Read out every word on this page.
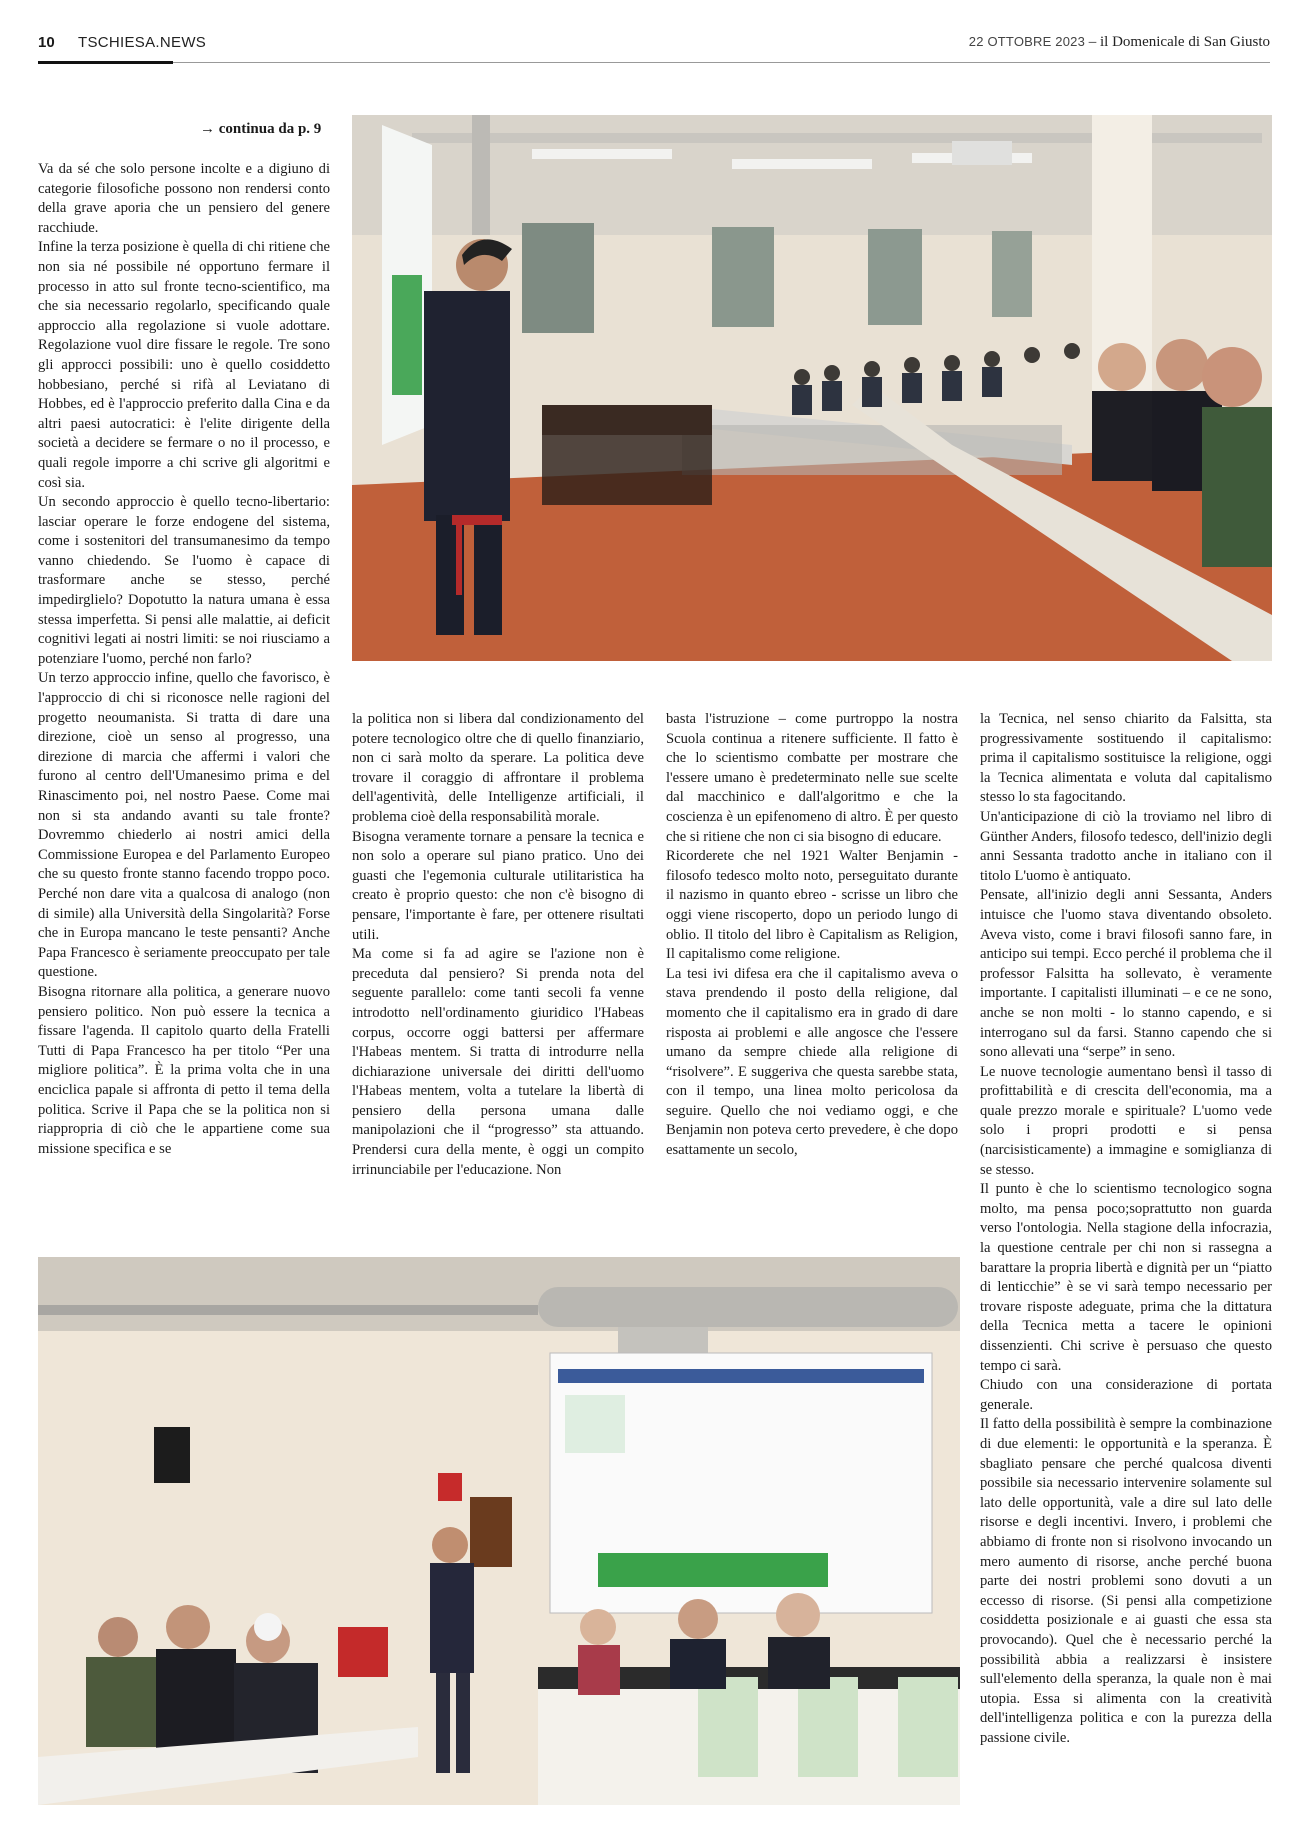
10 TSCHIESA.NEWS	22 OTTOBRE 2023 – il Domenicale di San Giusto
→ continua da p. 9

Va da sé che solo persone incolte e a digiuno di categorie filosofiche possono non rendersi conto della grave aporia che un pensiero del genere racchiude.

Infine la terza posizione è quella di chi ritiene che non sia né possibile né opportuno fermare il processo in atto sul fronte tecno-scientifico, ma che sia necessario regolarlo, specificando quale approccio alla regolazione si vuole adottare. Regolazione vuol dire fissare le regole. Tre sono gli approcci possibili: uno è quello cosiddetto hobbesiano, perché si rifà al Leviatano di Hobbes, ed è l'approccio preferito dalla Cina e da altri paesi autocratici: è l'elite dirigente della società a decidere se fermare o no il processo, e quali regole imporre a chi scrive gli algoritmi e così sia.

Un secondo approccio è quello tecno-libertario: lasciar operare le forze endogene del sistema, come i sostenitori del transumanesimo da tempo vanno chiedendo. Se l'uomo è capace di trasformare anche se stesso, perché impedirglielo? Dopotutto la natura umana è essa stessa imperfetta. Si pensi alle malattie, ai deficit cognitivi legati ai nostri limiti: se noi riusciamo a potenziare l'uomo, perché non farlo?

Un terzo approccio infine, quello che favorisco, è l'approccio di chi si riconosce nelle ragioni del progetto neoumanista. Si tratta di dare una direzione, cioè un senso al progresso, una direzione di marcia che affermi i valori che furono al centro dell'Umanesimo prima e del Rinascimento poi, nel nostro Paese. Come mai non si sta andando avanti su tale fronte? Dovremmo chiederlo ai nostri amici della Commissione Europea e del Parlamento Europeo che su questo fronte stanno facendo troppo poco. Perché non dare vita a qualcosa di analogo (non di simile) alla Università della Singolarità? Forse che in Europa mancano le teste pensanti? Anche Papa Francesco è seriamente preoccupato per tale questione.

Bisogna ritornare alla politica, a generare nuovo pensiero politico. Non può essere la tecnica a fissare l'agenda. Il capitolo quarto della Fratelli Tutti di Papa Francesco ha per titolo “Per una migliore politica”. È la prima volta che in una enciclica papale si affronta di petto il tema della politica. Scrive il Papa che se la politica non si riappropria di ciò che le appartiene come sua missione specifica e se

la politica non si libera dal condizionamento del potere tecnologico oltre che di quello finanziario, non ci sarà molto da sperare. La politica deve trovare il coraggio di affrontare il problema dell'agentività, delle Intelligenze artificiali, il problema cioè della responsabilità morale.

Bisogna veramente tornare a pensare la tecnica e non solo a operare sul piano pratico. Uno dei guasti che l'egemonia culturale utilitaristica ha creato è proprio questo: che non c'è bisogno di pensare, l'importante è fare, per ottenere risultati utili.

Ma come si fa ad agire se l'azione non è preceduta dal pensiero? Si prenda nota del seguente parallelo: come tanti secoli fa venne introdotto nell'ordinamento giuridico l'Habeas corpus, occorre oggi battersi per affermare l'Habeas mentem. Si tratta di introdurre nella dichiarazione universale dei diritti dell'uomo l'Habeas mentem, volta a tutelare la libertà di pensiero della persona umana dalle manipolazioni che il “progresso” sta attuando. Prendersi cura della mente, è oggi un compito irrinunciabile per l'educazione. Non

basta l'istruzione – come purtroppo la nostra Scuola continua a ritenere sufficiente. Il fatto è che lo scientismo combatte per mostrare che l'essere umano è predeterminato nelle sue scelte dal macchinico e dall'algoritmo e che la coscienza è un epifenomeno di altro. È per questo che si ritiene che non ci sia bisogno di educare.

Ricorderete che nel 1921 Walter Benjamin - filosofo tedesco molto noto, perseguitato durante il nazismo in quanto ebreo - scrisse un libro che oggi viene riscoperto, dopo un periodo lungo di oblio. Il titolo del libro è Capitalism as Religion, Il capitalismo come religione.

La tesi ivi difesa era che il capitalismo aveva o stava prendendo il posto della religione, dal momento che il capitalismo era in grado di dare risposta ai problemi e alle angosce che l'essere umano da sempre chiede alla religione di “risolvere”. E suggeriva che questa sarebbe stata, con il tempo, una linea molto pericolosa da seguire. Quello che noi vediamo oggi, e che Benjamin non poteva certo prevedere, è che dopo esattamente un secolo,

la Tecnica, nel senso chiarito da Falsitta, sta progressivamente sostituendo il capitalismo: prima il capitalismo sostituisce la religione, oggi la Tecnica alimentata e voluta dal capitalismo stesso lo sta fagocitando.

Un'anticipazione di ciò la troviamo nel libro di Günther Anders, filosofo tedesco, dell'inizio degli anni Sessanta tradotto anche in italiano con il titolo L'uomo è antiquato.

Pensate, all'inizio degli anni Sessanta, Anders intuisce che l'uomo stava diventando obsoleto. Aveva visto, come i bravi filosofi sanno fare, in anticipo sui tempi. Ecco perché il problema che il professor Falsitta ha sollevato, è veramente importante. I capitalisti illuminati – e ce ne sono, anche se non molti - lo stanno capendo, e si interrogano sul da farsi. Stanno capendo che si sono allevati una “serpe” in seno.

Le nuove tecnologie aumentano bensì il tasso di profittabilità e di crescita dell'economia, ma a quale prezzo morale e spirituale? L'uomo vede solo i propri prodotti e si pensa (narcisisticamente) a immagine e somiglianza di se stesso.

Il punto è che lo scientismo tecnologico sogna molto, ma pensa poco;soprattutto non guarda verso l'ontologia. Nella stagione della infocrazia, la questione centrale per chi non si rassegna a barattare la propria libertà e dignità per un “piatto di lenticchie” è se vi sarà tempo necessario per trovare risposte adeguate, prima che la dittatura della Tecnica metta a tacere le opinioni dissenzienti. Chi scrive è persuaso che questo tempo ci sarà.

Chiudo con una considerazione di portata generale.

Il fatto della possibilità è sempre la combinazione di due elementi: le opportunità e la speranza. È sbagliato pensare che perché qualcosa diventi possibile sia necessario intervenire solamente sul lato delle opportunità, vale a dire sul lato delle risorse e degli incentivi. Invero, i problemi che abbiamo di fronte non si risolvono invocando un mero aumento di risorse, anche perché buona parte dei nostri problemi sono dovuti a un eccesso di risorse. (Si pensi alla competizione cosiddetta posizionale e ai guasti che essa sta provocando). Quel che è necessario perché la possibilità abbia a realizzarsi è insistere sull'elemento della speranza, la quale non è mai utopia. Essa si alimenta con la creatività dell'intelligenza politica e con la purezza della passione civile.
